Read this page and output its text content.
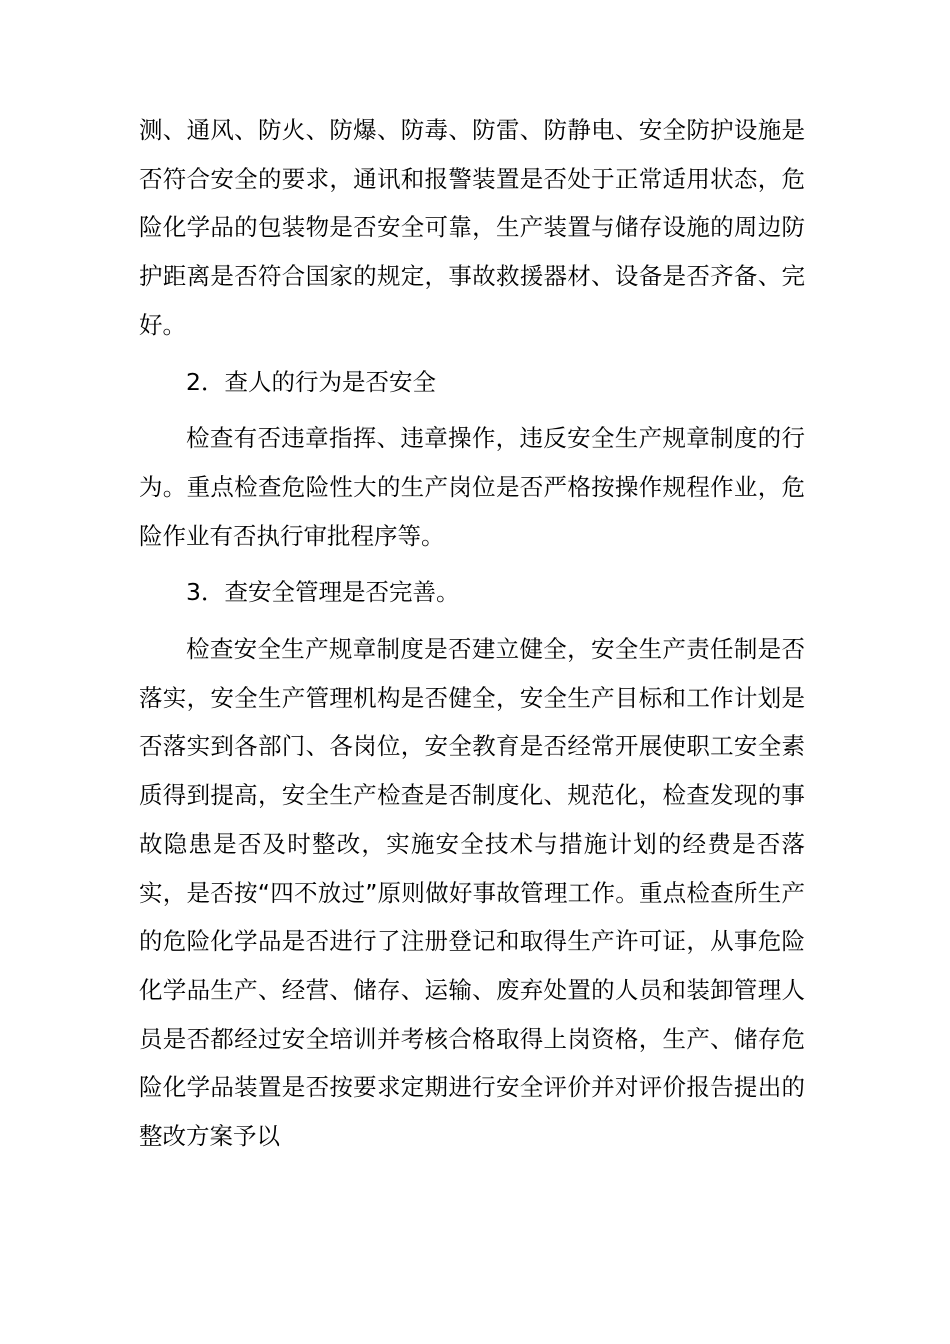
测、通风、防火、防爆、防毒、防雷、防静电、安全防护设施是否符合安全的要求，通讯和报警装置是否处于正常适用状态，危险化学品的包装物是否安全可靠，生产装置与储存设施的周边防护距离是否符合国家的规定，事故救援器材、设备是否齐备、完好。

2．查人的行为是否安全

检查有否违章指挥、违章操作，违反安全生产规章制度的行为。重点检查危险性大的生产岗位是否严格按操作规程作业，危险作业有否执行审批程序等。

3．查安全管理是否完善。

检查安全生产规章制度是否建立健全，安全生产责任制是否落实，安全生产管理机构是否健全，安全生产目标和工作计划是否落实到各部门、各岗位，安全教育是否经常开展使职工安全素质得到提高，安全生产检查是否制度化、规范化，检查发现的事故隐患是否及时整改，实施安全技术与措施计划的经费是否落实，是否按“四不放过”原则做好事故管理工作。重点检查所生产的危险化学品是否进行了注册登记和取得生产许可证，从事危险化学品生产、经营、储存、运输、废弃处置的人员和装卸管理人员是否都经过安全培训并考核合格取得上岗资格，生产、储存危险化学品装置是否按要求定期进行安全评价并对评价报告提出的整改方案予以
